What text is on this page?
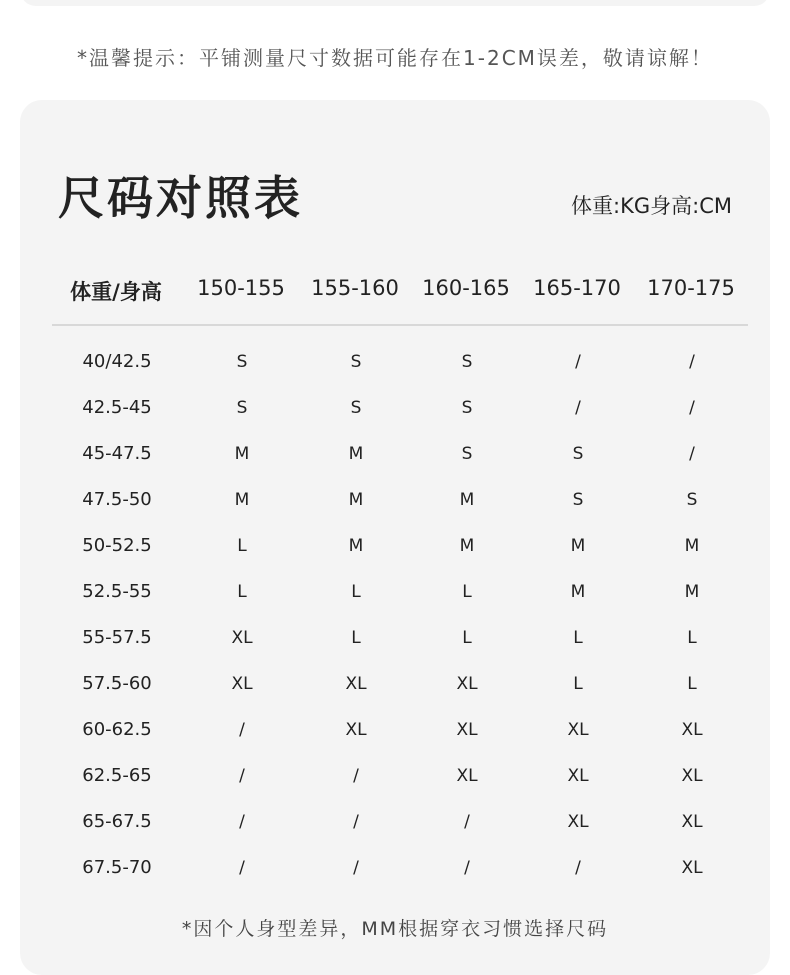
*温馨提示：平铺测量尺寸数据可能存在1-2CM误差，敬请谅解！
尺码对照表	体重:KG身高:CM
体重/身高	150-155	155-160	160-165	165-170	170-175
40/42.5	S	S	S	/	/
42.5-45	S	S	S	/	/
45-47.5	M	M	S	S	/
47.5-50	M	M	M	S	S
50-52.5	L	M	M	M	M
52.5-55	L	L	L	M	M
55-57.5	XL	L	L	L	L
57.5-60	XL	XL	XL	L	L
60-62.5	/	XL	XL	XL	XL
62.5-65	/	/	XL	XL	XL
65-67.5	/	/	/	XL	XL
67.5-70	/	/	/	/	XL
*因个人身型差异，MM根据穿衣习惯选择尺码
